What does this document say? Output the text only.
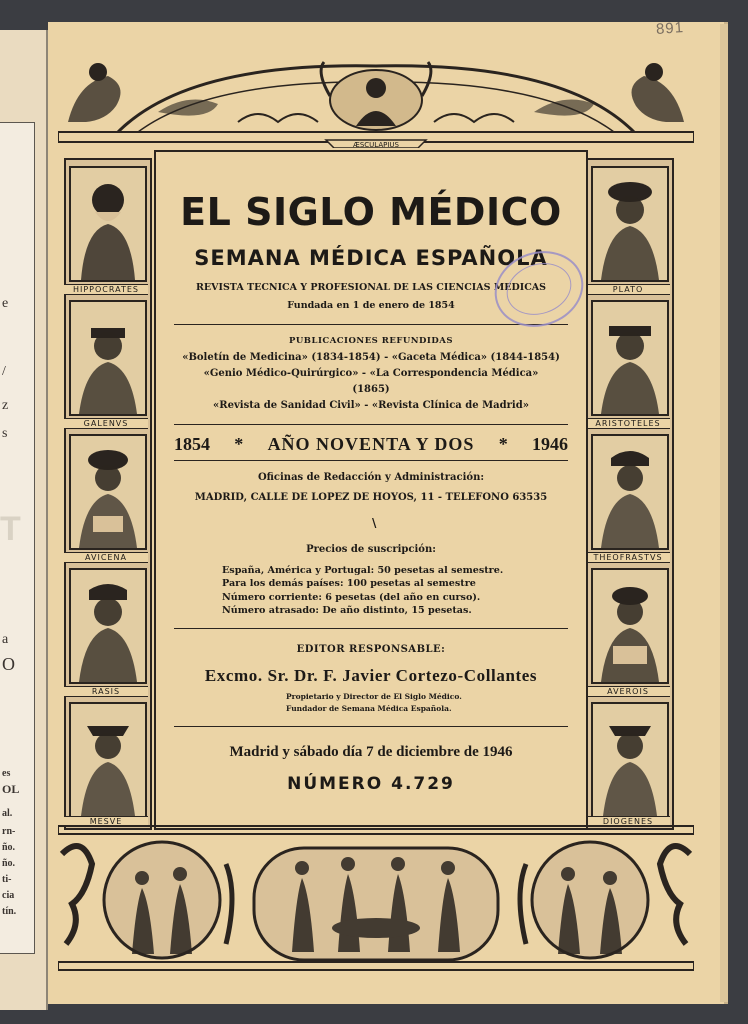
e
/
z
s
T
a
O
es
OL
al.
rn-
ño.
ño.
ti-
cia
tín.
891
ÆSCULAPIUS
HIPPOCRATES
GALENVS
AVICENA
RASIS
MESVE
PLATO
ARISTOTELES
THEOFRASTVS
AVEROIS
DIOGENES
EL SIGLO MÉDICO
SEMANA MÉDICA ESPAÑOLA
REVISTA TECNICA Y PROFESIONAL DE LAS CIENCIAS MEDICAS
Fundada en 1 de enero de 1854
PUBLICACIONES REFUNDIDAS
«Boletín de Medicina» (1834-1854) - «Gaceta Médica» (1844-1854)
«Genio Médico-Quirúrgico» - «La Correspondencia Médica»
(1865)
«Revista de Sanidad Civil» - «Revista Clínica de Madrid»
1854 * AÑO NOVENTA Y DOS * 1946
Oficinas de Redacción y Administración:
MADRID, CALLE DE LOPEZ DE HOYOS, 11 - TELEFONO 63535
\
Precios de suscripción:
España, América y Portugal: 50 pesetas al semestre.
Para los demás países: 100 pesetas al semestre
Número corriente: 6 pesetas (del año en curso).
Número atrasado: De año distinto, 15 pesetas.
EDITOR RESPONSABLE:
Excmo. Sr. Dr. F. Javier Cortezo-Collantes
Propietario y Director de El Siglo Médico.
Fundador de Semana Médica Española.
Madrid y sábado día 7 de diciembre de 1946
NÚMERO 4.729
